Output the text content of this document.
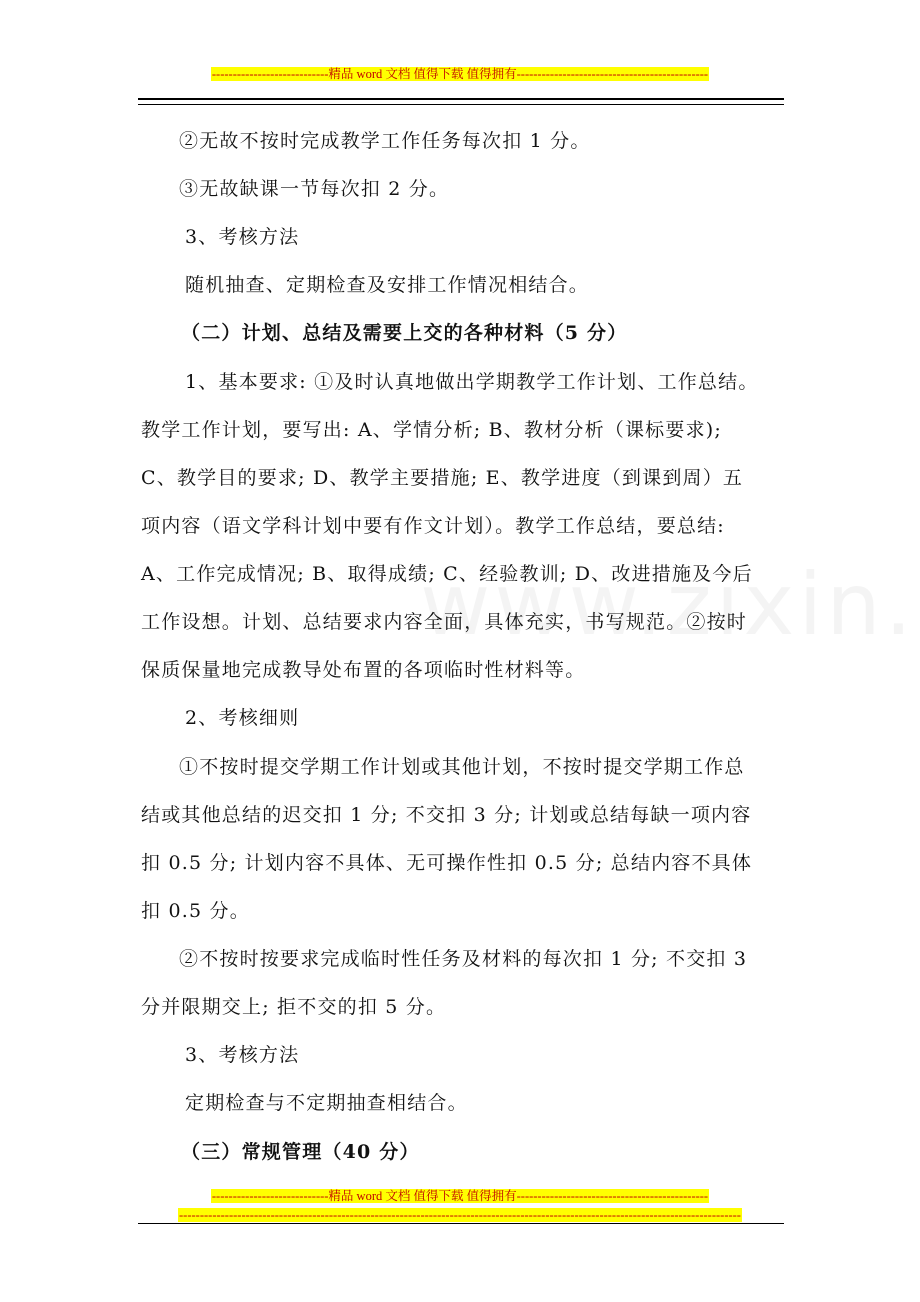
----------------------------精品 word 文档 值得下载 值得拥有----------------------------------------------
②无故不按时完成教学工作任务每次扣 1 分。
③无故缺课一节每次扣 2 分。
3、考核方法
随机抽查、定期检查及安排工作情况相结合。
（二）计划、总结及需要上交的各种材料（5 分）
1、基本要求: ①及时认真地做出学期教学工作计划、工作总结。
教学工作计划，要写出: A、学情分析; B、教材分析（课标要求);
C、教学目的要求; D、教学主要措施; E、教学进度（到课到周）五
项内容（语文学科计划中要有作文计划）。教学工作总结，要总结:
A、工作完成情况; B、取得成绩; C、经验教训; D、改进措施及今后
工作设想。计划、总结要求内容全面，具体充实，书写规范。②按时
保质保量地完成教导处布置的各项临时性材料等。
2、考核细则
①不按时提交学期工作计划或其他计划，不按时提交学期工作总
结或其他总结的迟交扣 1 分; 不交扣 3 分; 计划或总结每缺一项内容
扣 0.5 分; 计划内容不具体、无可操作性扣 0.5 分; 总结内容不具体
扣 0.5 分。
②不按时按要求完成临时性任务及材料的每次扣 1 分; 不交扣 3
分并限期交上; 拒不交的扣 5 分。
3、考核方法
定期检查与不定期抽查相结合。
（三）常规管理（40 分）
----------------------------精品 word 文档 值得下载 值得拥有----------------------------------------------
---------------------------------------------------------------------------------------------------------------------------------------
